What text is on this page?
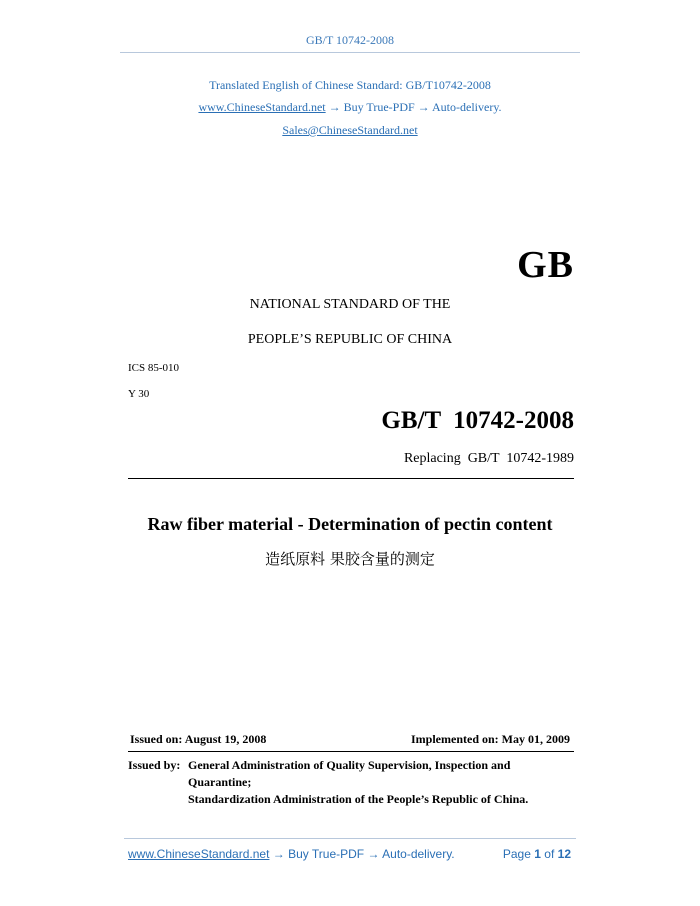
GB/T 10742-2008
Translated English of Chinese Standard: GB/T10742-2008
www.ChineseStandard.net → Buy True-PDF → Auto-delivery.
Sales@ChineseStandard.net
GB
NATIONAL STANDARD OF THE
PEOPLE’S REPUBLIC OF CHINA
ICS 85-010
Y 30
GB/T  10742-2008
Replacing  GB/T  10742-1989
Raw fiber material - Determination of pectin content
造纸原料 果胶含量的测定
Issued on: August 19, 2008	Implemented on: May 01, 2009
Issued by: General Administration of Quality Supervision, Inspection and
Quarantine;
Standardization Administration of the People’s Republic of China.
www.ChineseStandard.net → Buy True-PDF → Auto-delivery.	Page 1 of 12
